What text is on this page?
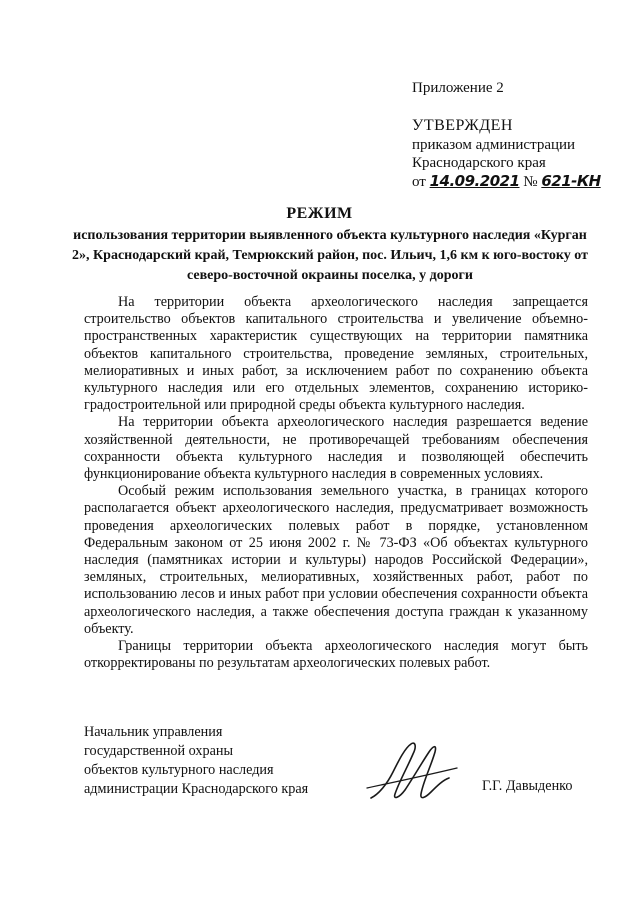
Приложение 2
УТВЕРЖДЕН
приказом администрации
Краснодарского края
от 14.09.2021 № 621-КН
РЕЖИМ
использования территории выявленного объекта культурного наследия «Курган 2», Краснодарский край, Темрюкский район, пос. Ильич, 1,6 км к юго-востоку от северо-восточной окраины поселка, у дороги

На территории объекта археологического наследия запрещается строительство объектов капитального строительства и увеличение объемно-пространственных характеристик существующих на территории памятника объектов капитального строительства, проведение земляных, строительных, мелиоративных и иных работ, за исключением работ по сохранению объекта культурного наследия или его отдельных элементов, сохранению историко-градостроительной или природной среды объекта культурного наследия.

На территории объекта археологического наследия разрешается ведение хозяйственной деятельности, не противоречащей требованиям обеспечения сохранности объекта культурного наследия и позволяющей обеспечить функционирование объекта культурного наследия в современных условиях.

Особый режим использования земельного участка, в границах которого располагается объект археологического наследия, предусматривает возможность проведения археологических полевых работ в порядке, установленном Федеральным законом от 25 июня 2002 г. № 73-ФЗ «Об объектах культурного наследия (памятниках истории и культуры) народов Российской Федерации», земляных, строительных, мелиоративных, хозяйственных работ, работ по использованию лесов и иных работ при условии обеспечения сохранности объекта археологического наследия, а также обеспечения доступа граждан к указанному объекту.

Границы территории объекта археологического наследия могут быть откорректированы по результатам археологических полевых работ.

Начальник управления
государственной охраны
объектов культурного наследия
администрации Краснодарского края	Г.Г. Давыденко
